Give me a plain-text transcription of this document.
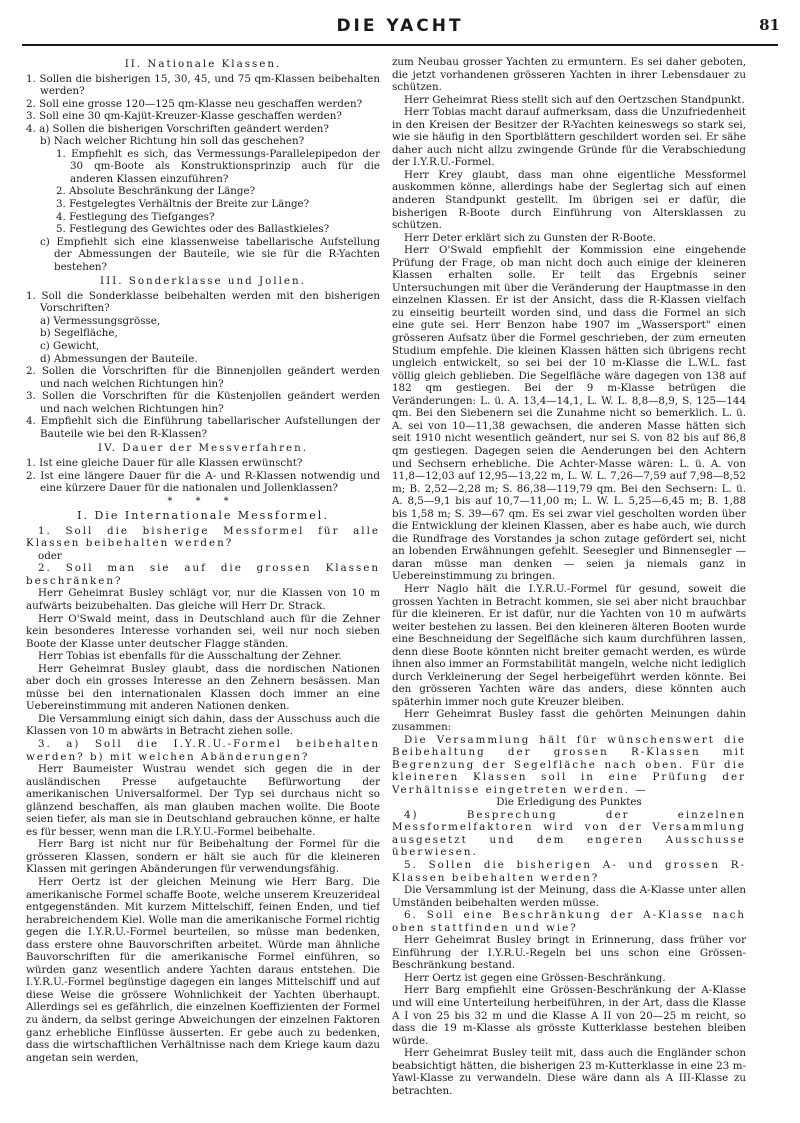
DIE YACHT	81

II. Nationale Klassen.

1. Sollen die bisherigen 15, 30, 45, und 75 qm-Klassen beibehalten werden?

2. Soll eine grosse 120—125 qm-Klasse neu geschaffen werden?

3. Soll eine 30 qm-Kajüt-Kreuzer-Klasse geschaffen werden?

4. a) Sollen die bisherigen Vorschriften geändert werden?

b) Nach welcher Richtung hin soll das geschehen?

1. Empfiehlt es sich, das Vermessungs-Parallelepipedon der 30 qm-Boote als Konstruktionsprinzip auch für die anderen Klassen einzuführen?

2. Absolute Beschränkung der Länge?

3. Festgelegtes Verhältnis der Breite zur Länge?

4. Festlegung des Tiefganges?

5. Festlegung des Gewichtes oder des Ballastkieles?

c) Empfiehlt sich eine klassenweise tabellarische Aufstellung der Abmessungen der Bauteile, wie sie für die R-Yachten bestehen?

III. Sonderklasse und Jollen.

1. Soll die Sonderklasse beibehalten werden mit den bisherigen Vorschriften?

a) Vermessungsgrösse,

b) Segelfläche,

c) Gewicht,

d) Abmessungen der Bauteile.

2. Sollen die Vorschriften für die Binnenjollen geändert werden und nach welchen Richtungen hin?

3. Sollen die Vorschriften für die Küstenjollen geändert werden und nach welchen Richtungen hin?

4. Empfiehlt sich die Einführung tabellarischer Aufstellungen der Bauteile wie bei den R-Klassen?

IV. Dauer der Messverfahren.

1. Ist eine gleiche Dauer für alle Klassen erwünscht?

2. Ist eine längere Dauer für die A- und R-Klassen notwendig und eine kürzere Dauer für die nationalen und Jollenklassen?

* * *

I. Die Internationale Messformel.

1. Soll die bisherige Messformel für alle Klassen beibehalten werden?

oder

2. Soll man sie auf die grossen Klassen beschränken?

Herr Geheimrat Busley schlägt vor, nur die Klassen von 10 m aufwärts beizubehalten. Das gleiche will Herr Dr. Strack.

Herr O'Swald meint, dass in Deutschland auch für die Zehner kein besonderes Interesse vorhanden sei, weil nur noch sieben Boote der Klasse unter deutscher Flagge ständen.

Herr Tobias ist ebenfalls für die Ausschaltung der Zehner.

Herr Geheimrat Busley glaubt, dass die nordischen Nationen aber doch ein grosses Interesse an den Zehnern besässen. Man müsse bei den internationalen Klassen doch immer an eine Uebereinstimmung mit anderen Nationen denken.

Die Versammlung einigt sich dahin, dass der Ausschuss auch die Klassen von 10 m abwärts in Betracht ziehen solle.

3. a) Soll die I.Y.R.U.-Formel beibehalten werden? b) mit welchen Abänderungen?

Herr Baumeister Wustrau wendet sich gegen die in der ausländischen Presse aufgetauchte Befürwortung der amerikanischen Universalformel. Der Typ sei durchaus nicht so glänzend beschaffen, als man glauben machen wollte. Die Boote seien tiefer, als man sie in Deutschland gebrauchen könne, er halte es für besser, wenn man die I.R.Y.U.-Formel beibehalte.

Herr Barg ist nicht nur für Beibehaltung der Formel für die grösseren Klassen, sondern er hält sie auch für die kleineren Klassen mit geringen Abänderungen für verwendungsfähig.

Herr Oertz ist der gleichen Meinung wie Herr Barg. Die amerikanische Formel schaffe Boote, welche unserem Kreuzerideal entgegenständen. Mit kurzem Mittelschiff, feinen Enden, und tief herabreichendem Kiel. Wolle man die amerikanische Formel richtig gegen die I.Y.R.U.-Formel beurteilen, so müsse man bedenken, dass erstere ohne Bauvorschriften arbeitet. Würde man ähnliche Bauvorschriften für die amerikanische Formel einführen, so würden ganz wesentlich andere Yachten daraus entstehen. Die I.Y.R.U.-Formel begünstige dagegen ein langes Mittelschiff und auf diese Weise die grössere Wohnlichkeit der Yachten überhaupt. Allerdings sei es gefährlich, die einzelnen Koeffizienten der Formel zu ändern, da selbst geringe Abweichungen der einzelnen Faktoren ganz erhebliche Einflüsse äusserten. Er gebe auch zu bedenken, dass die wirtschaftlichen Verhältnisse nach dem Kriege kaum dazu angetan sein werden,

zum Neubau grosser Yachten zu ermuntern. Es sei daher geboten, die jetzt vorhandenen grösseren Yachten in ihrer Lebensdauer zu schützen.

Herr Geheimrat Riess stellt sich auf den Oertzschen Standpunkt.

Herr Tobias macht darauf aufmerksam, dass die Unzufriedenheit in den Kreisen der Besitzer der R-Yachten keineswegs so stark sei, wie sie häufig in den Sportblättern geschildert worden sei. Er sähe daher auch nicht allzu zwingende Gründe für die Verabschiedung der I.Y.R.U.-Formel.

Herr Krey glaubt, dass man ohne eigentliche Messformel auskommen könne, allerdings habe der Seglertag sich auf einen anderen Standpunkt gestellt. Im übrigen sei er dafür, die bisherigen R-Boote durch Einführung von Altersklassen zu schützen.

Herr Deter erklärt sich zu Gunsten der R-Boote.

Herr O'Swald empfiehlt der Kommission eine eingehende Prüfung der Frage, ob man nicht doch auch einige der kleineren Klassen erhalten solle. Er teilt das Ergebnis seiner Untersuchungen mit über die Veränderung der Hauptmasse in den einzelnen Klassen. Er ist der Ansicht, dass die R-Klassen vielfach zu einseitig beurteilt worden sind, und dass die Formel an sich eine gute sei. Herr Benzon habe 1907 im „Wassersport" einen grösseren Aufsatz über die Formel geschrieben, der zum erneuten Studium empfehle. Die kleinen Klassen hätten sich übrigens recht ungleich entwickelt, so sei bei der 10 m-Klasse die L.W.L. fast völlig gleich geblieben. Die Segelfläche wäre dagegen von 138 auf 182 qm gestiegen. Bei der 9 m-Klasse betrügen die Veränderungen: L. ü. A. 13,4—14,1, L. W. L. 8,8—8,9, S. 125—144 qm. Bei den Siebenern sei die Zunahme nicht so bemerklich. L. ü. A. sei von 10—11,38 gewachsen, die anderen Masse hätten sich seit 1910 nicht wesentlich geändert, nur sei S. von 82 bis auf 86,8 qm gestiegen. Dagegen seien die Aenderungen bei den Achtern und Sechsern erhebliche. Die Achter-Masse wären: L. ü. A. von 11,8—12,03 auf 12,95—13,22 m, L. W. L. 7,26—7,59 auf 7,98—8,52 m; B. 2,52—2,28 m; S. 86,38—119,79 qm. Bei den Sechsern: L. ü. A. 8,5—9,1 bis auf 10,7—11,00 m; L. W. L. 5,25—6,45 m; B. 1,88 bis 1,58 m; S. 39—67 qm. Es sei zwar viel gescholten worden über die Entwicklung der kleinen Klassen, aber es habe auch, wie durch die Rundfrage des Vorstandes ja schon zutage gefördert sei, nicht an lobenden Erwähnungen gefehlt. Seesegler und Binnensegler — daran müsse man denken — seien ja niemals ganz in Uebereinstimmung zu bringen.

Herr Naglo hält die I.Y.R.U.-Formel für gesund, soweit die grossen Yachten in Betracht kommen, sie sei aber nicht brauchbar für die kleineren. Er ist dafür, nur die Yachten von 10 m aufwärts weiter bestehen zu lassen. Bei den kleineren älteren Booten wurde eine Beschneidung der Segelfläche sich kaum durchführen lassen, denn diese Boote könnten nicht breiter gemacht werden, es würde ihnen also immer an Formstabilität mangeln, welche nicht lediglich durch Verkleinerung der Segel herbeigeführt werden könnte. Bei den grösseren Yachten wäre das anders, diese könnten auch späterhin immer noch gute Kreuzer bleiben.

Herr Geheimrat Busley fasst die gehörten Meinungen dahin zusammen:

Die Versammlung hält für wünschenswert die Beibehaltung der grossen R-Klassen mit Begrenzung der Segelfläche nach oben. Für die kleineren Klassen soll in eine Prüfung der Verhältnisse eingetreten werden. —

Die Erledigung des Punktes

4) Besprechung der einzelnen Messformelfaktoren wird von der Versammlung ausgesetzt und dem engeren Ausschusse überwiesen.

5. Sollen die bisherigen A- und grossen R-Klassen beibehalten werden?

Die Versammlung ist der Meinung, dass die A-Klasse unter allen Umständen beibehalten werden müsse.

6. Soll eine Beschränkung der A-Klasse nach oben stattfinden und wie?

Herr Geheimrat Busley bringt in Erinnerung, dass früher vor Einführung der I.Y.R.U.-Regeln bei uns schon eine Grössen-Beschränkung bestand.

Herr Oertz ist gegen eine Grössen-Beschränkung.

Herr Barg empfiehlt eine Grössen-Beschränkung der A-Klasse und will eine Unterteilung herbeiführen, in der Art, dass die Klasse A I von 25 bis 32 m und die Klasse A II von 20—25 m reicht, so dass die 19 m-Klasse als grösste Kutterklasse bestehen bleiben würde.

Herr Geheimrat Busley teilt mit, dass auch die Engländer schon beabsichtigt hätten, die bisherigen 23 m-Kutterklasse in eine 23 m-Yawl-Klasse zu verwandeln. Diese wäre dann als A III-Klasse zu betrachten.
